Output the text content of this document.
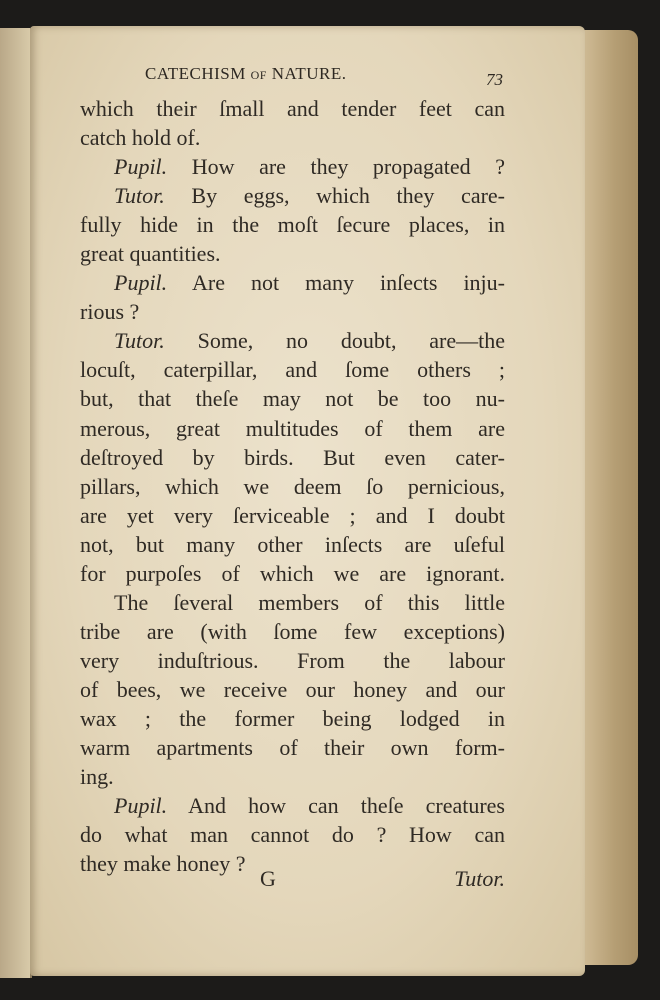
CATECHISM OF NATURE.	73
which their ſmall and tender feet can
catch hold of.
Pupil. How are they propagated ?
Tutor. By eggs, which they care-
fully hide in the moſt ſecure places, in
great quantities.
Pupil. Are not many inſects inju-
rious ?
Tutor. Some, no doubt, are—the
locuſt, caterpillar, and ſome others ;
but, that theſe may not be too nu-
merous, great multitudes of them are
deſtroyed by birds. But even cater-
pillars, which we deem ſo pernicious,
are yet very ſerviceable ; and I doubt
not, but many other inſects are uſeful
for purpoſes of which we are ignorant.
The ſeveral members of this little
tribe are (with ſome few exceptions)
very induſtrious. From the labour
of bees, we receive our honey and our
wax ; the former being lodged in
warm apartments of their own form-
ing.
Pupil. And how can theſe creatures
do what man cannot do ? How can
they make honey ?
G	Tutor.
